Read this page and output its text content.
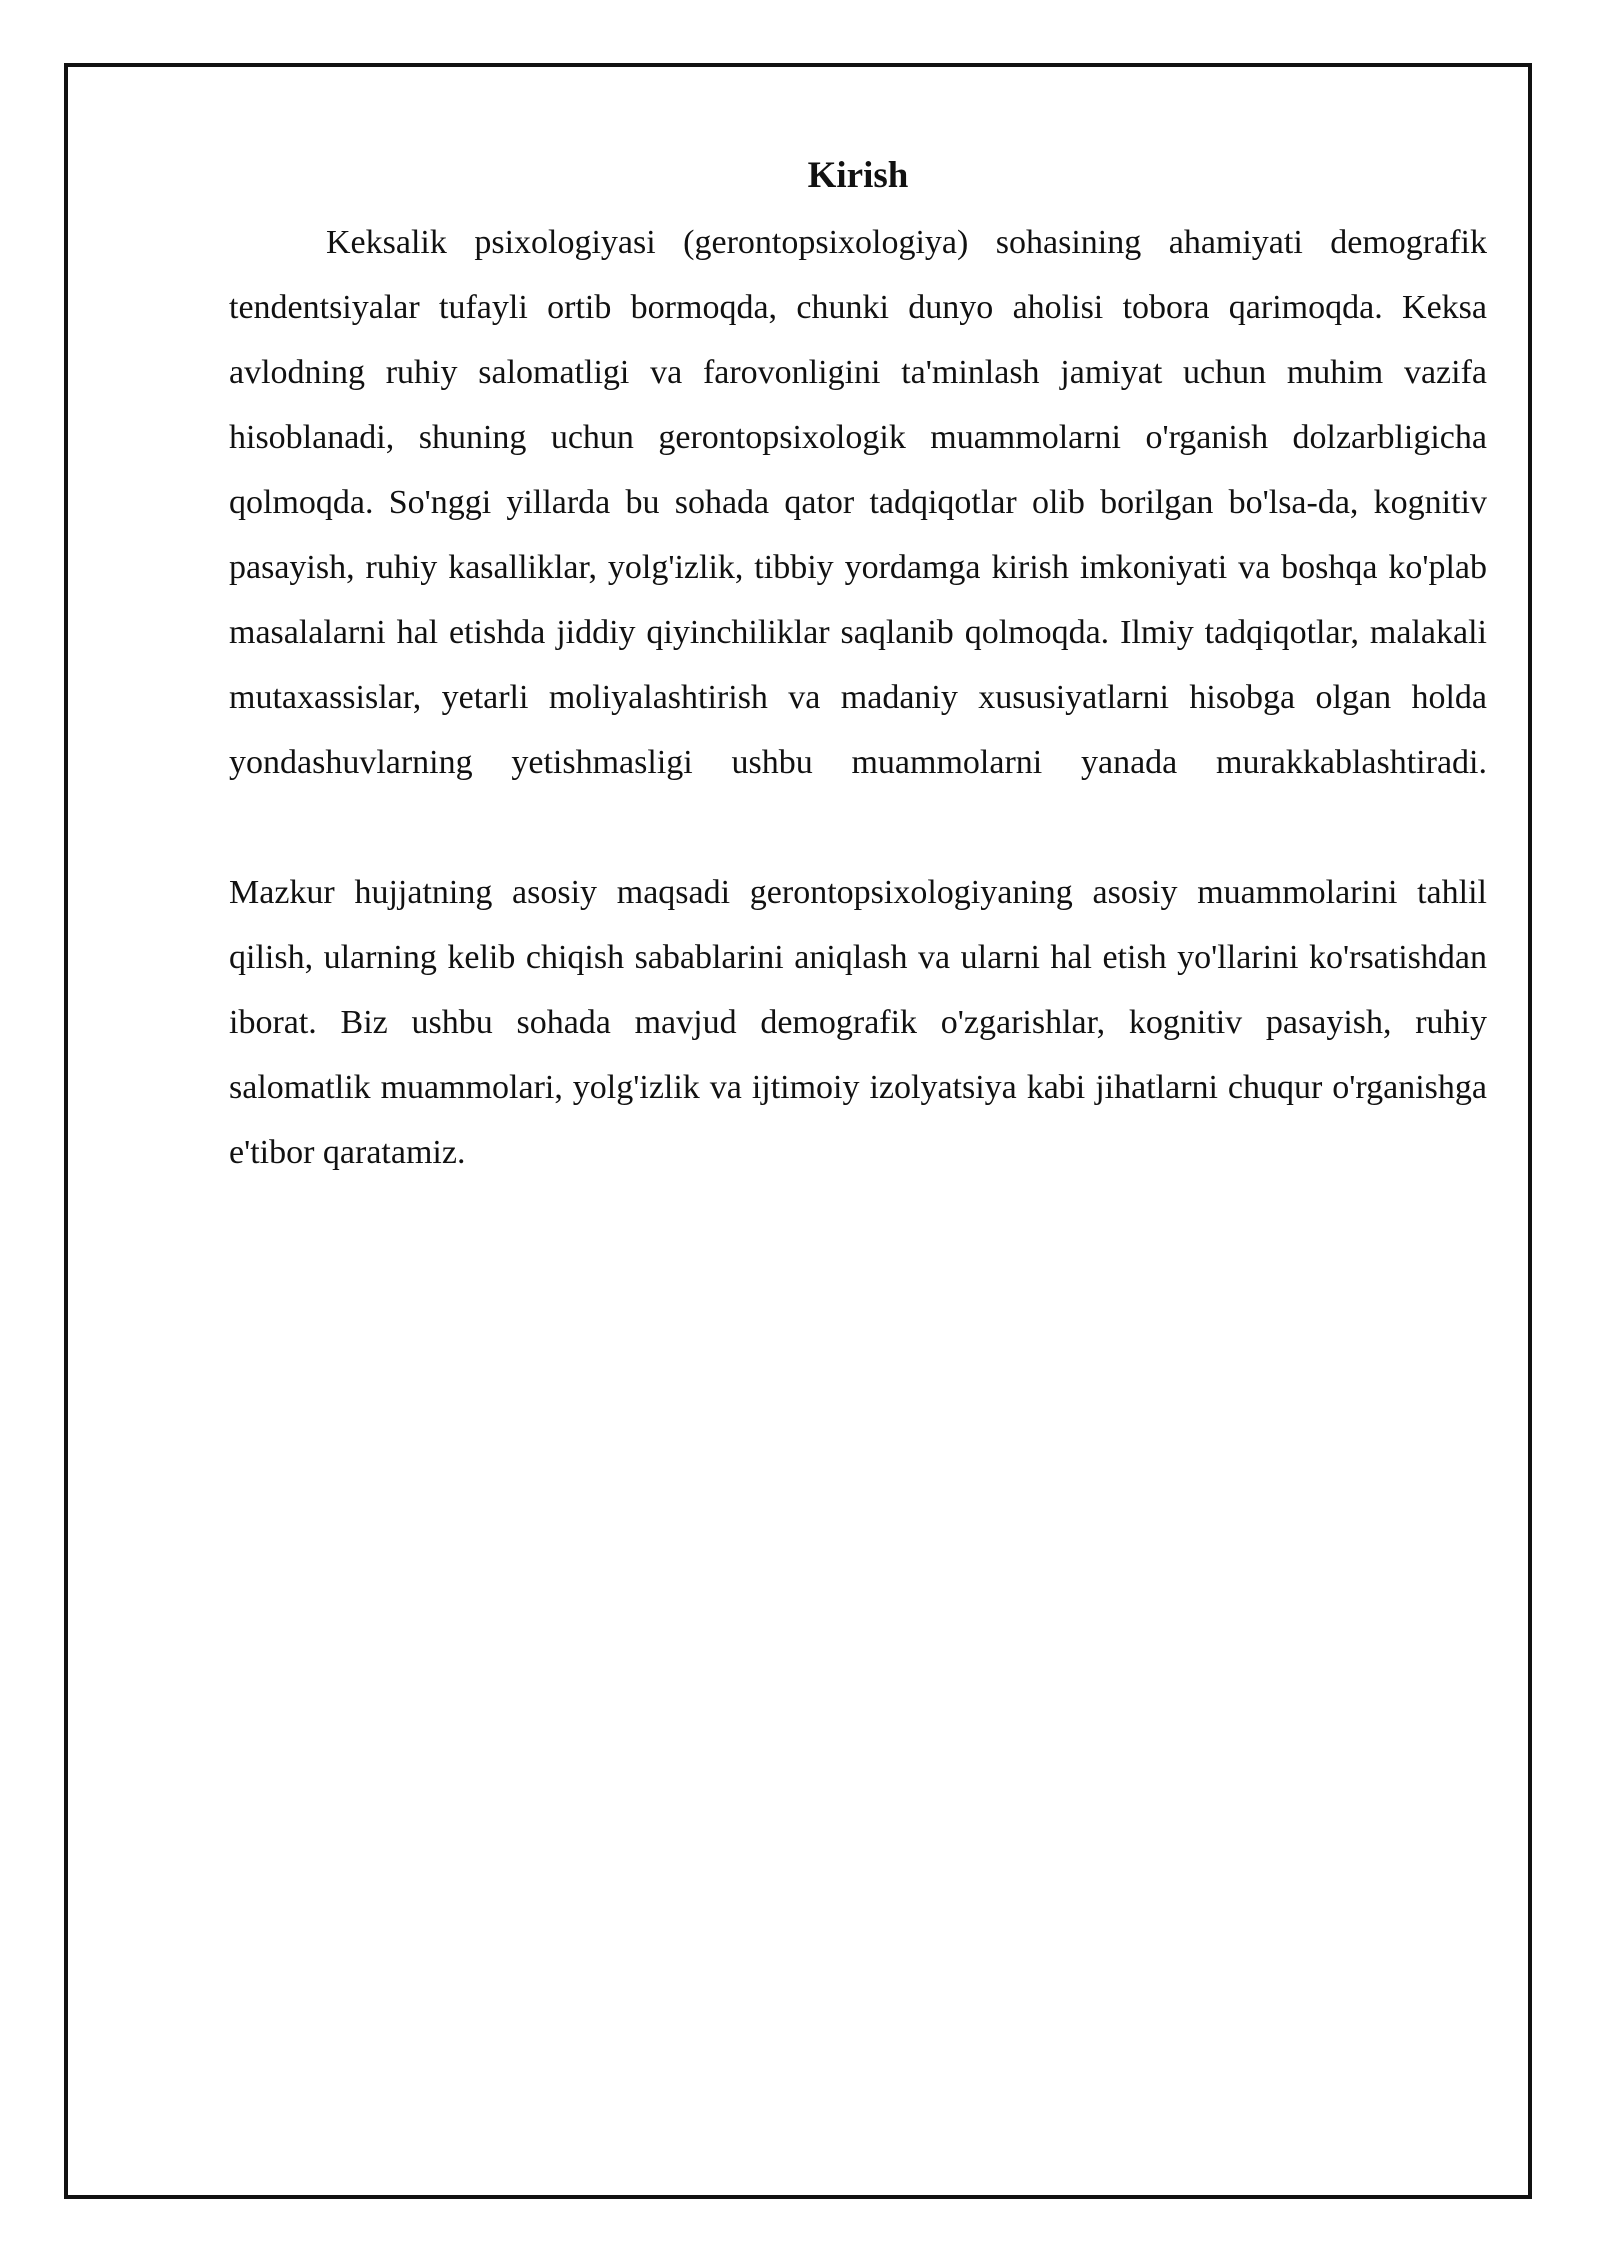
Kirish

Keksalik psixologiyasi (gerontopsixologiya) sohasining ahamiyati demografik tendentsiyalar tufayli ortib bormoqda, chunki dunyo aholisi tobora qarimoqda. Keksa avlodning ruhiy salomatligi va farovonligini ta'minlash jamiyat uchun muhim vazifa hisoblanadi, shuning uchun gerontopsixologik muammolarni o'rganish dolzarbligicha qolmoqda. So'nggi yillarda bu sohada qator tadqiqotlar olib borilgan bo'lsa-da, kognitiv pasayish, ruhiy kasalliklar, yolg'izlik, tibbiy yordamga kirish imkoniyati va boshqa ko'plab masalalarni hal etishda jiddiy qiyinchiliklar saqlanib qolmoqda. Ilmiy tadqiqotlar, malakali mutaxassislar, yetarli moliyalashtirish va madaniy xususiyatlarni hisobga olgan holda yondashuvlarning yetishmasligi ushbu muammolarni yanada murakkablashtiradi.

Mazkur hujjatning asosiy maqsadi gerontopsixologiyaning asosiy muammolarini tahlil qilish, ularning kelib chiqish sabablarini aniqlash va ularni hal etish yo'llarini ko'rsatishdan iborat. Biz ushbu sohada mavjud demografik o'zgarishlar, kognitiv pasayish, ruhiy salomatlik muammolari, yolg'izlik va ijtimoiy izolyatsiya kabi jihatlarni chuqur o'rganishga e'tibor qaratamiz.
